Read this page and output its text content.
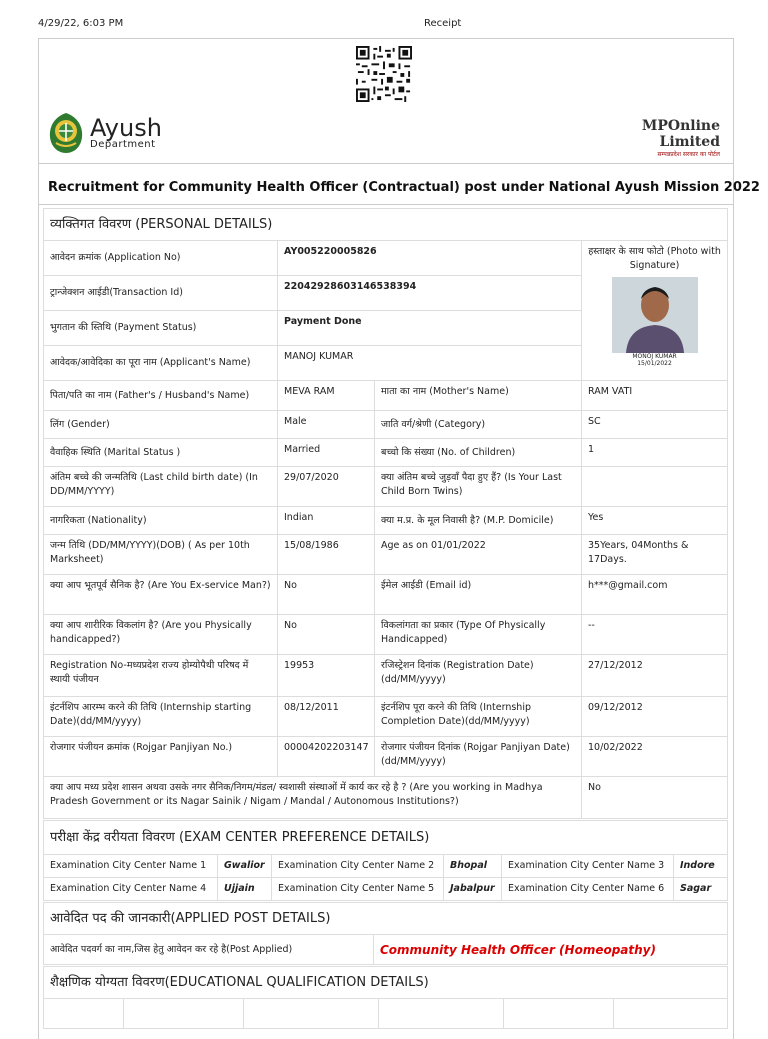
4/29/22, 6:03 PM	Receipt
Ayush
Department
MPOnline Limited
सम्पन्नप्रदेश सरकार का पोर्टल
Recruitment for Community Health Officer (Contractual) post under National Ayush Mission 2022
व्यक्तिगत विवरण (PERSONAL DETAILS)			
आवेदन क्रमांक (Application No)	AY005220005826		हस्ताक्षर के साथ फोटो (Photo with Signature)
MONOJ KUMAR
15/01/2022

ट्रान्जेक्शन आईडी(Transaction Id)	22042928603146538394		
भुगतान की स्तिथि (Payment Status)	Payment Done		
आवेदक/आवेदिका का पूरा नाम (Applicant's Name)	MANOJ KUMAR		
पिता/पति का नाम (Father's / Husband's Name)	MEVA RAM	माता का नाम (Mother's Name)	RAM VATI
लिंग (Gender)	Male	जाति वर्ग/श्रेणी (Category)	SC
वैवाहिक स्थिति (Marital Status )	Married	बच्चो कि संख्या (No. of Children)	1
अंतिम बच्चे की जन्मतिथि (Last child birth date) (In DD/MM/YYYY)	29/07/2020	क्या अंतिम बच्चे जुड़वाँ पैदा हुए हैं? (Is Your Last Child Born Twins)	
नागरिकता (Nationality)	Indian	क्या म.प्र. के मूल निवासी है? (M.P. Domicile)	Yes
जन्म तिथि (DD/MM/YYYY)(DOB) ( As per 10th Marksheet)	15/08/1986	Age as on 01/01/2022	35Years, 04Months & 17Days.
क्या आप भूतपूर्व सैनिक है? (Are You Ex-service Man?)	No	ईमेल आईडी (Email id)	h***@gmail.com
क्या आप शारीरिक विकलांग है? (Are you Physically handicapped?)	No	विकलांगता का प्रकार (Type Of Physically Handicapped)	--
Registration No-मध्यप्रदेश राज्य होम्योपैथी परिषद में स्थायी पंजीयन	19953	रजिस्ट्रेशन दिनांक (Registration Date) (dd/MM/yyyy)	27/12/2012
इंटर्नशिप आरम्भ करने की तिथि (Internship starting Date)(dd/MM/yyyy)	08/12/2011	इंटर्नशिप पूरा करने की तिथि (Internship Completion Date)(dd/MM/yyyy)	09/12/2012
रोजगार पंजीयन क्रमांक (Rojgar Panjiyan No.)	00004202203147	रोजगार पंजीयन दिनांक (Rojgar Panjiyan Date)(dd/MM/yyyy)	10/02/2022
क्या आप मध्य प्रदेश शासन अथवा उसके नगर सैनिक/निगम/मंडल/ स्वशासी संस्थाओं में कार्य कर रहे है ? (Are you working in Madhya Pradesh Government or its Nagar Sainik / Nigam / Mandal / Autonomous Institutions?)			No
परीक्षा केंद्र वरीयता विवरण (EXAM CENTER PREFERENCE DETAILS)					
Examination City Center Name 1	Gwalior	Examination City Center Name 2	Bhopal	Examination City Center Name 3	Indore
Examination City Center Name 4	Ujjain	Examination City Center Name 5	Jabalpur	Examination City Center Name 6	Sagar
आवेदित पद की जानकारी(APPLIED POST DETAILS)
आवेदित पदवर्ग का नाम,जिस हेतु आवेदन कर रहे है(Post Applied)	Community Health Officer (Homeopathy)
शैक्षणिक योग्यता विवरण(EDUCATIONAL QUALIFICATION DETAILS)
